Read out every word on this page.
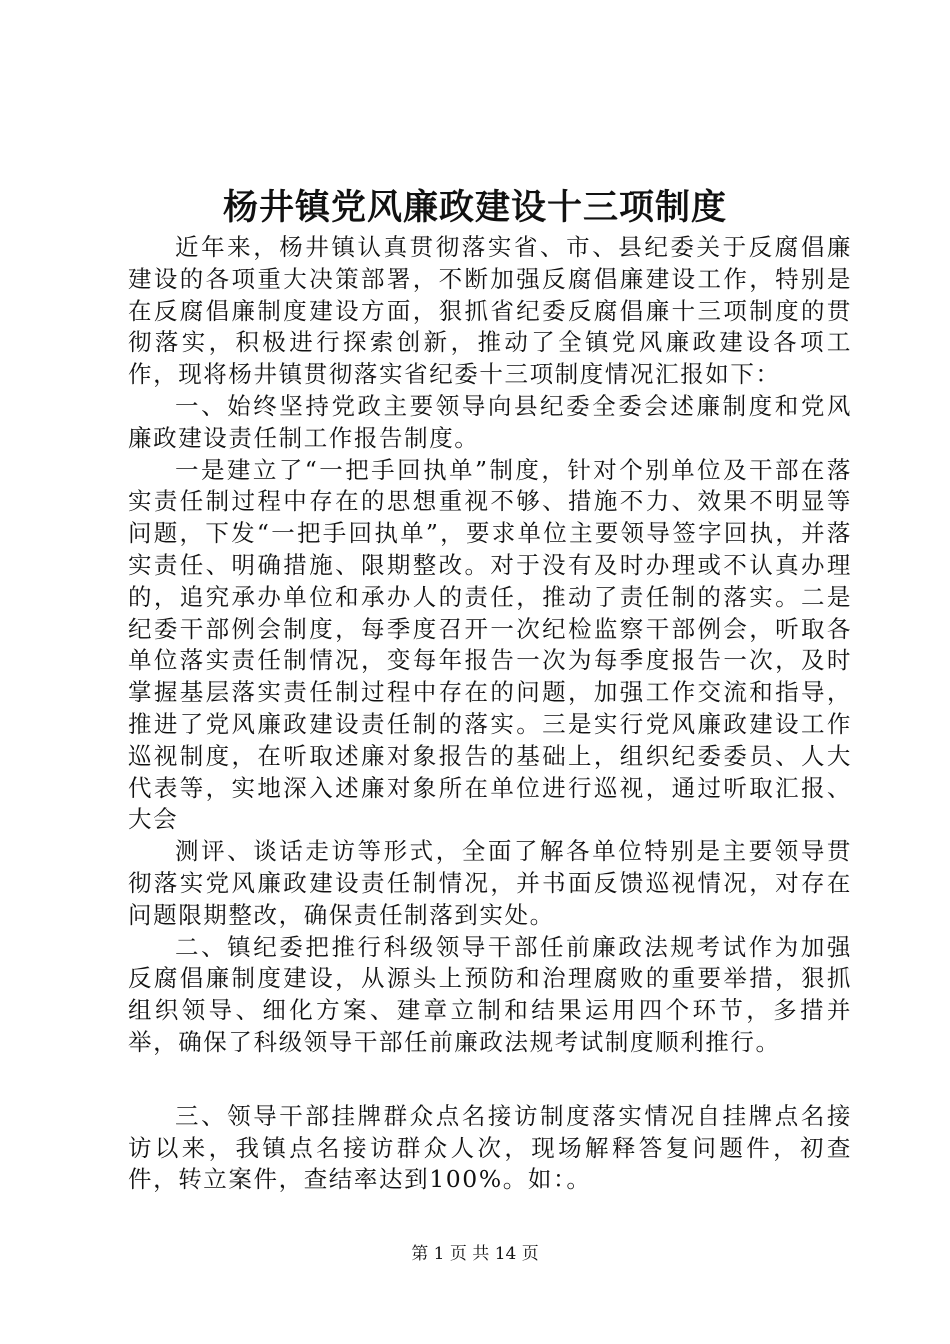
杨井镇党风廉政建设十三项制度

近年来，杨井镇认真贯彻落实省、市、县纪委关于反腐倡廉建设的各项重大决策部署，不断加强反腐倡廉建设工作，特别是在反腐倡廉制度建设方面，狠抓省纪委反腐倡廉十三项制度的贯彻落实，积极进行探索创新，推动了全镇党风廉政建设各项工作，现将杨井镇贯彻落实省纪委十三项制度情况汇报如下：

一、始终坚持党政主要领导向县纪委全委会述廉制度和党风廉政建设责任制工作报告制度。

一是建立了“一把手回执单”制度，针对个别单位及干部在落实责任制过程中存在的思想重视不够、措施不力、效果不明显等问题，下发“一把手回执单”，要求单位主要领导签字回执，并落实责任、明确措施、限期整改。对于没有及时办理或不认真办理的，追究承办单位和承办人的责任，推动了责任制的落实。二是纪委干部例会制度，每季度召开一次纪检监察干部例会，听取各单位落实责任制情况，变每年报告一次为每季度报告一次，及时掌握基层落实责任制过程中存在的问题，加强工作交流和指导，推进了党风廉政建设责任制的落实。三是实行党风廉政建设工作巡视制度，在听取述廉对象报告的基础上，组织纪委委员、人大代表等，实地深入述廉对象所在单位进行巡视，通过听取汇报、大会

测评、谈话走访等形式，全面了解各单位特别是主要领导贯彻落实党风廉政建设责任制情况，并书面反馈巡视情况，对存在问题限期整改，确保责任制落到实处。

二、镇纪委把推行科级领导干部任前廉政法规考试作为加强反腐倡廉制度建设，从源头上预防和治理腐败的重要举措，狠抓组织领导、细化方案、建章立制和结果运用四个环节，多措并举，确保了科级领导干部任前廉政法规考试制度顺利推行。

三、领导干部挂牌群众点名接访制度落实情况自挂牌点名接访以来，我镇点名接访群众人次，现场解释答复问题件，初查件，转立案件，查结率达到100%。如：。

第 1 页 共 14 页
